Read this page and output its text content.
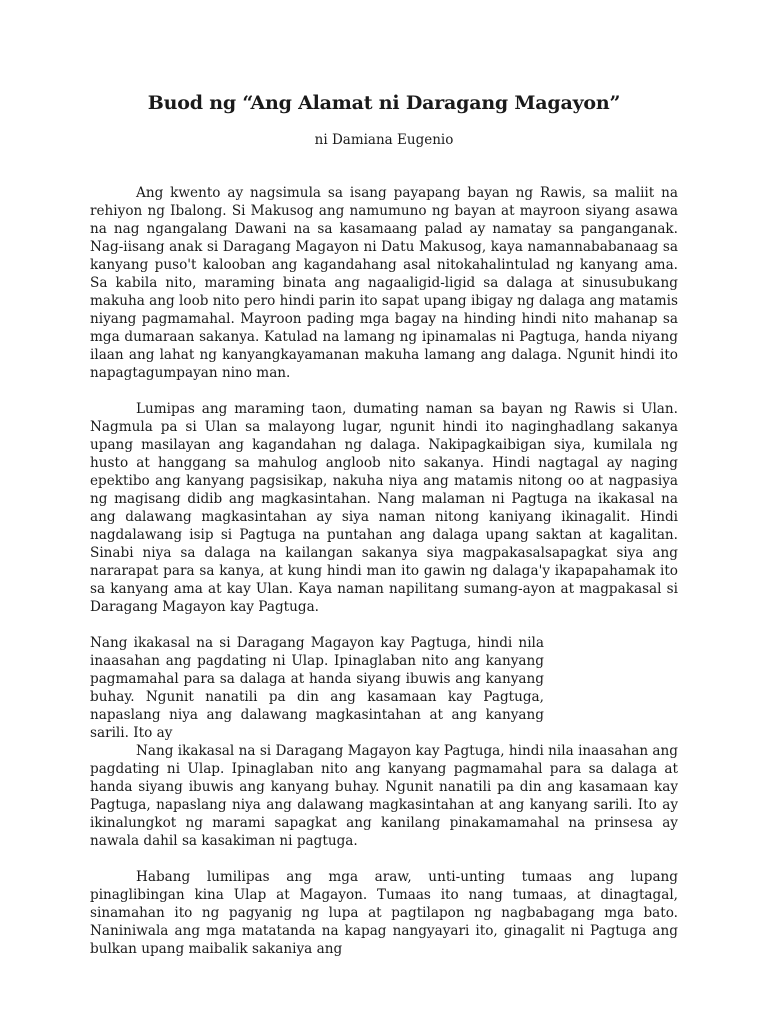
Buod ng “Ang Alamat ni Daragang Magayon”
ni Damiana Eugenio

Ang kwento ay nagsimula sa isang payapang bayan ng Rawis, sa maliit na rehiyon ng Ibalong. Si Makusog ang namumuno ng bayan at mayroon siyang asawa na nag ngangalang Dawani na sa kasamaang palad ay namatay sa panganganak. Nag-iisang anak si Daragang Magayon ni Datu Makusog, kaya namannababanaag sa kanyang puso't kalooban ang kagandahang asal nitokahalintulad ng kanyang ama. Sa kabila nito, maraming binata ang nagaaligid-ligid sa dalaga at sinusubukang makuha ang loob nito pero hindi parin ito sapat upang ibigay ng dalaga ang matamis niyang pagmamahal. Mayroon pading mga bagay na hinding hindi nito mahanap sa mga dumaraan sakanya. Katulad na lamang ng ipinamalas ni Pagtuga, handa niyang ilaan ang lahat ng kanyangkayamanan makuha lamang ang dalaga. Ngunit hindi ito napagtagumpayan nino man.

Lumipas ang maraming taon, dumating naman sa bayan ng Rawis si Ulan. Nagmula pa si Ulan sa malayong lugar, ngunit hindi ito naginghadlang sakanya upang masilayan ang kagandahan ng dalaga. Nakipagkaibigan siya, kumilala ng husto at hanggang sa mahulog angloob nito sakanya. Hindi nagtagal ay naging epektibo ang kanyang pagsisikap, nakuha niya ang matamis nitong oo at nagpasiya ng magisang didib ang magkasintahan. Nang malaman ni Pagtuga na ikakasal na ang dalawang magkasintahan ay siya naman nitong kaniyang ikinagalit. Hindi nagdalawang isip si Pagtuga na puntahan ang dalaga upang saktan at kagalitan. Sinabi niya sa dalaga na kailangan sakanya siya magpakasalsapagkat siya ang nararapat para sa kanya, at kung hindi man ito gawin ng dalaga'y ikapapahamak ito sa kanyang ama at kay Ulan. Kaya naman napilitang sumang-ayon at magpakasal si Daragang Magayon kay Pagtuga.

Nang ikakasal na si Daragang Magayon kay Pagtuga, hindi nila inaasahan ang pagdating ni Ulap. Ipinaglaban nito ang kanyang pagmamahal para sa dalaga at handa siyang ibuwis ang kanyang buhay. Ngunit nanatili pa din ang kasamaan kay Pagtuga, napaslang niya ang dalawang magkasintahan at ang kanyang sarili. Ito ay

Nang ikakasal na si Daragang Magayon kay Pagtuga, hindi nila inaasahan ang pagdating ni Ulap. Ipinaglaban nito ang kanyang pagmamahal para sa dalaga at handa siyang ibuwis ang kanyang buhay. Ngunit nanatili pa din ang kasamaan kay Pagtuga, napaslang niya ang dalawang magkasintahan at ang kanyang sarili. Ito ay ikinalungkot ng marami sapagkat ang kanilang pinakamamahal na prinsesa ay nawala dahil sa kasakiman ni pagtuga.

Habang lumilipas ang mga araw, unti-unting tumaas ang lupang pinaglibingan kina Ulap at Magayon. Tumaas ito nang tumaas, at dinagtagal, sinamahan ito ng pagyanig ng lupa at pagtilapon ng nagbabagang mga bato. Naniniwala ang mga matatanda na kapag nangyayari ito, ginagalit ni Pagtuga ang bulkan upang maibalik sakaniya ang
